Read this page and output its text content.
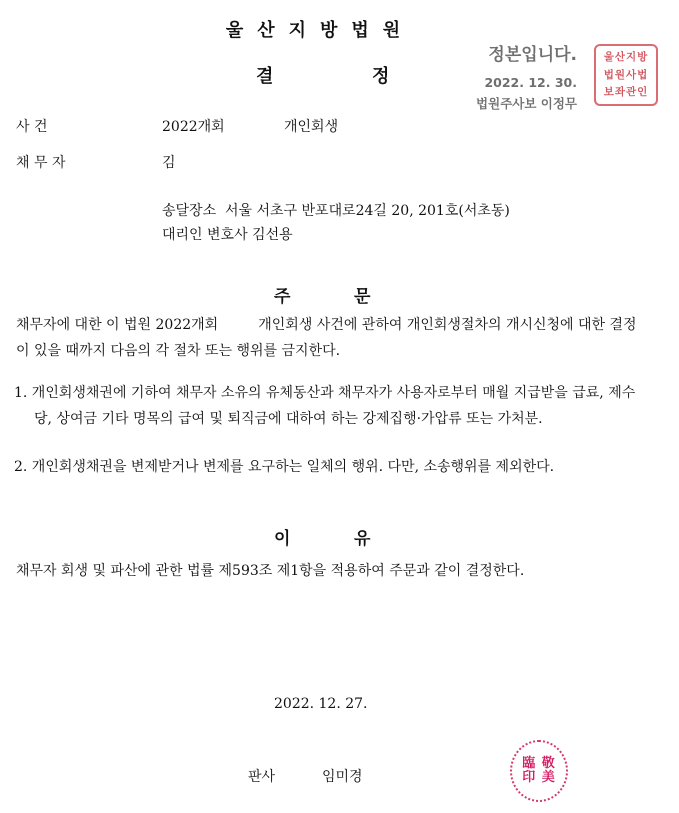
울산지방법원
결	정
정본입니다.
2022. 12. 30.
법원주사보 이정무
울산지방
법원사법
보좌관인
사 건	2022개회	개인회생
채 무 자	김
송달장소  서울 서초구 반포대로24길 20, 201호(서초동)
대리인 변호사 김선용
주	문
채무자에 대한 이 법원 2022개회         개인회생 사건에 관하여 개인회생절차의 개시신청에 대한 결정이 있을 때까지 다음의 각 절차 또는 행위를 금지한다.
1. 개인회생채권에 기하여 채무자 소유의 유체동산과 채무자가 사용자로부터 매월 지급받을 급료, 제수당, 상여금 기타 명목의 급여 및 퇴직금에 대하여 하는 강제집행·가압류 또는 가처분.
2. 개인회생채권을 변제받거나 변제를 요구하는 일체의 행위. 다만, 소송행위를 제외한다.
이	유
채무자 회생 및 파산에 관한 법률 제593조 제1항을 적용하여 주문과 같이 결정한다.
2022. 12. 27.
판사	임미경
臨 敬
印 美
